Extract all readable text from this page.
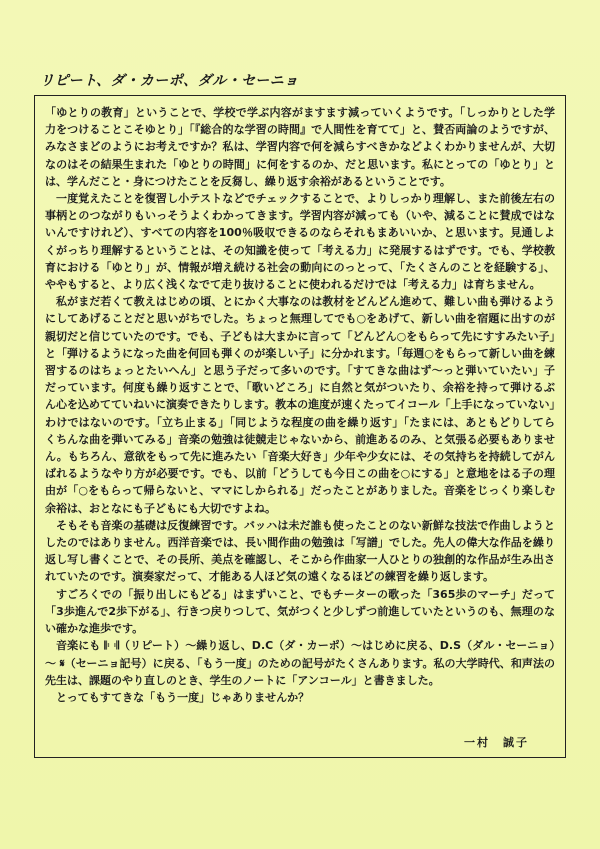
リピート、ダ・カーポ、ダル・セーニョ

「ゆとりの教育」ということで、学校で学ぶ内容がますます減っていくようです。「しっかりとした学力をつけることこそゆとり」「『総合的な学習の時間』で人間性を育てて」と、賛否両論のようですが、みなさまどのようにお考えですか？私は、学習内容で何を減らすべきかなどよくわかりませんが、大切なのはその結果生まれた「ゆとりの時間」に何をするのか、だと思います。私にとっての「ゆとり」とは、学んだこと・身につけたことを反芻し、繰り返す余裕があるということです。

一度覚えたことを復習し小テストなどでチェックすることで、よりしっかり理解し、また前後左右の事柄とのつながりもいっそうよくわかってきます。学習内容が減っても（いや、減ることに賛成ではないんですけれど）、すべての内容を100％吸収できるのならそれもまあいいか、と思います。見通しよくがっちり理解するということは、その知識を使って「考える力」に発展するはずです。でも、学校教育における「ゆとり」が、情報が増え続ける社会の動向にのっとって、「たくさんのことを経験する」、ややもすると、より広く浅くなでて走り抜けることに使われるだけでは「考える力」は育ちません。

私がまだ若くて教えはじめの頃、とにかく大事なのは教材をどんどん進めて、難しい曲も弾けるようにしてあげることだと思いがちでした。ちょっと無理してでも○をあげて、新しい曲を宿題に出すのが親切だと信じていたのです。でも、子どもは大まかに言って「どんどん○をもらって先にすすみたい子」と「弾けるようになった曲を何回も弾くのが楽しい子」に分かれます。「毎週○をもらって新しい曲を練習するのはちょっとたいへん」と思う子だって多いのです。「すてきな曲はず～っと弾いていたい」子だっています。何度も繰り返すことで、「歌いどころ」に自然と気がついたり、余裕を持って弾けるぶん心を込めてていねいに演奏できたりします。教本の進度が速くたってイコール「上手になっていない」わけではないのです。「立ち止まる」「同じような程度の曲を繰り返す」「たまには、あともどりしてらくちんな曲を弾いてみる」音楽の勉強は徒競走じゃないから、前進あるのみ、と気張る必要もありません。もちろん、意欲をもって先に進みたい「音楽大好き」少年や少女には、その気持ちを持続してがんばれるようなやり方が必要です。でも、以前「どうしても今日この曲を○にする」と意地をはる子の理由が「○をもらって帰らないと、ママにしかられる」だったことがありました。音楽をじっくり楽しむ余裕は、おとなにも子どもにも大切ですよね。

そもそも音楽の基礎は反復練習です。バッハは未だ誰も使ったことのない新鮮な技法で作曲しようとしたのではありません。西洋音楽では、長い間作曲の勉強は「写譜」でした。先人の偉大な作品を繰り返し写し書くことで、その長所、美点を確認し、そこから作曲家一人ひとりの独創的な作品が生み出されていたのです。演奏家だって、才能ある人ほど気の遠くなるほどの練習を繰り返します。

すごろくでの「振り出しにもどる」はまずいこと、でもチーターの歌った「365歩のマーチ」だって「3歩進んで2歩下がる」、行きつ戻りつして、気がつくと少しずつ前進していたというのも、無理のない確かな進歩です。

音楽にも 𝄆 𝄇（リピート）～繰り返し、D.C（ダ・カーポ）～はじめに戻る、D.S（ダル・セーニョ）～ 𝄋（セーニョ記号）に戻る、「もう一度」のための記号がたくさんあります。私の大学時代、和声法の先生は、課題のやり直しのとき、学生のノートに「アンコール」と書きました。

とってもすてきな「もう一度」じゃありませんか？

一村　誠子
